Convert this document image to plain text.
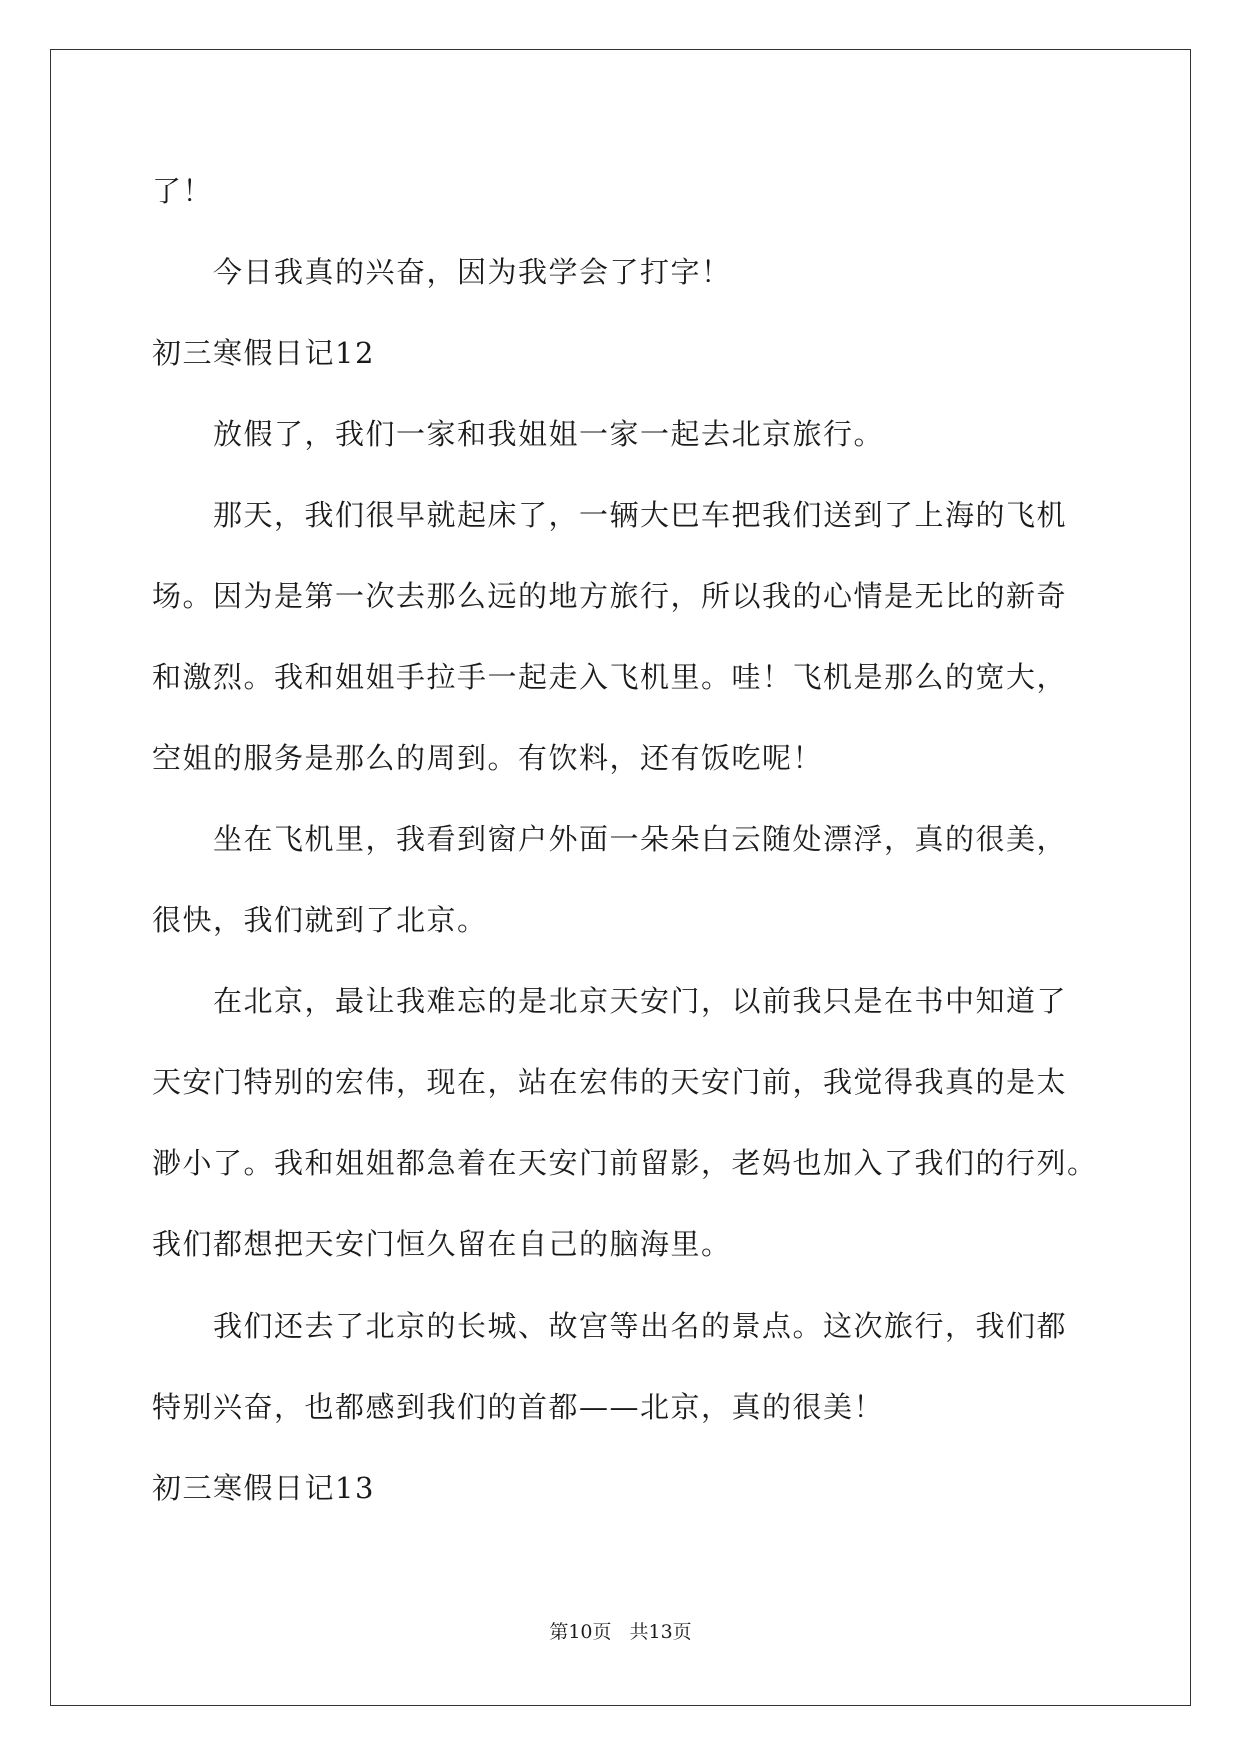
了！
　　今日我真的兴奋，因为我学会了打字！
初三寒假日记12
　　放假了，我们一家和我姐姐一家一起去北京旅行。
　　那天，我们很早就起床了，一辆大巴车把我们送到了上海的飞机
场。因为是第一次去那么远的地方旅行，所以我的心情是无比的新奇
和激烈。我和姐姐手拉手一起走入飞机里。哇！飞机是那么的宽大，
空姐的服务是那么的周到。有饮料，还有饭吃呢！
　　坐在飞机里，我看到窗户外面一朵朵白云随处漂浮，真的很美，
很快，我们就到了北京。
　　在北京，最让我难忘的是北京天安门，以前我只是在书中知道了
天安门特别的宏伟，现在，站在宏伟的天安门前，我觉得我真的是太
渺小了。我和姐姐都急着在天安门前留影，老妈也加入了我们的行列。
我们都想把天安门恒久留在自己的脑海里。
　　我们还去了北京的长城、故宫等出名的景点。这次旅行，我们都
特别兴奋，也都感到我们的首都——北京，真的很美！
初三寒假日记13
第10页 共13页
